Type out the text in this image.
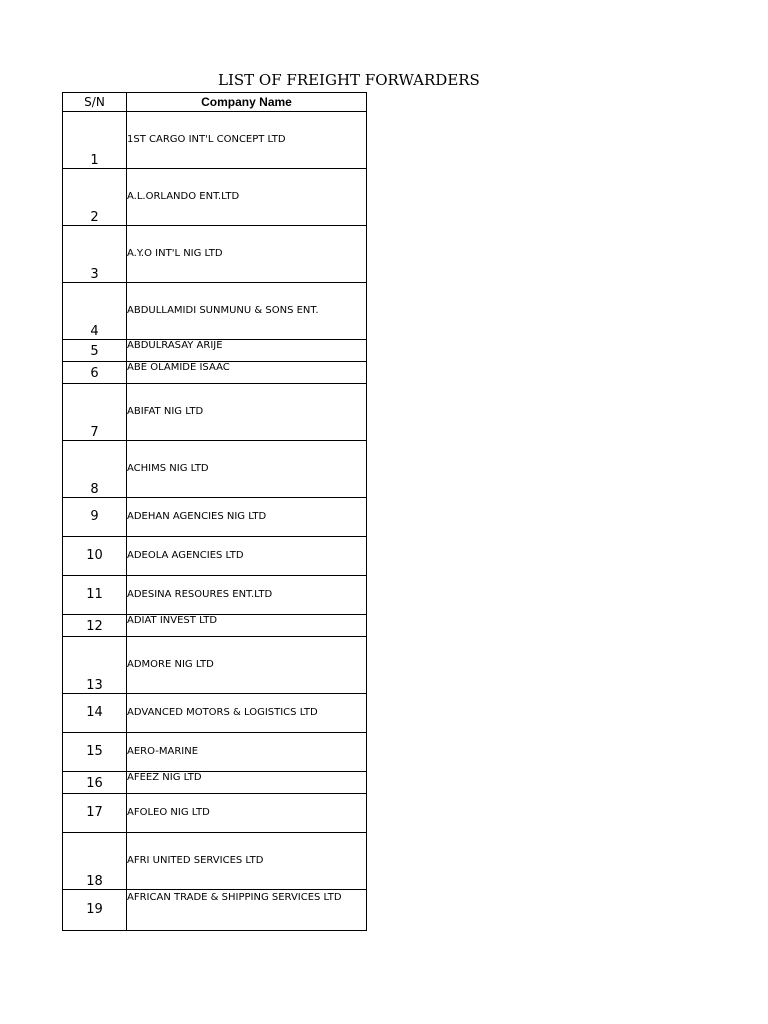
LIST OF FREIGHT FORWARDERS
S/N	Company Name
1	1ST CARGO INT'L CONCEPT LTD
2	A.L.ORLANDO ENT.LTD
3	A.Y.O INT'L NIG LTD
4	ABDULLAMIDI SUNMUNU & SONS ENT.
5	ABDULRASAY ARIJE
6	ABE OLAMIDE ISAAC
7	ABIFAT NIG LTD
8	ACHIMS NIG LTD
9	ADEHAN AGENCIES NIG LTD
10	ADEOLA AGENCIES LTD
11	ADESINA RESOURES ENT.LTD
12	ADIAT INVEST LTD
13	ADMORE NIG LTD
14	ADVANCED MOTORS & LOGISTICS LTD
15	AERO-MARINE
16	AFEEZ NIG LTD
17	AFOLEO NIG LTD
18	AFRI UNITED SERVICES LTD
19	AFRICAN TRADE & SHIPPING SERVICES LTD
